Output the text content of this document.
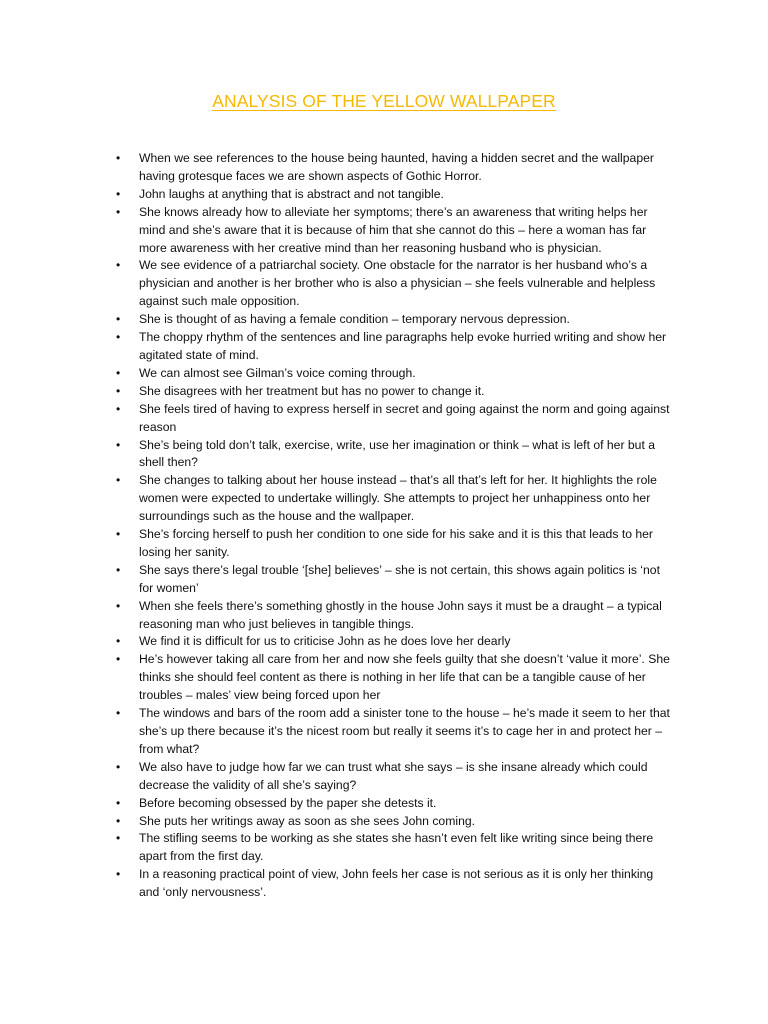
ANALYSIS OF THE YELLOW WALLPAPER
• When we see references to the house being haunted, having a hidden secret and the wallpaper having grotesque faces we are shown aspects of Gothic Horror.
• John laughs at anything that is abstract and not tangible.
• She knows already how to alleviate her symptoms; there’s an awareness that writing helps her mind and she’s aware that it is because of him that she cannot do this – here a woman has far more awareness with her creative mind than her reasoning husband who is physician.
• We see evidence of a patriarchal society. One obstacle for the narrator is her husband who’s a physician and another is her brother who is also a physician – she feels vulnerable and helpless against such male opposition.
• She is thought of as having a female condition – temporary nervous depression.
• The choppy rhythm of the sentences and line paragraphs help evoke hurried writing and show her agitated state of mind.
• We can almost see Gilman’s voice coming through.
• She disagrees with her treatment but has no power to change it.
• She feels tired of having to express herself in secret and going against the norm and going against reason
• She’s being told don’t talk, exercise, write, use her imagination or think – what is left of her but a shell then?
• She changes to talking about her house instead – that’s all that’s left for her. It highlights the role women were expected to undertake willingly. She attempts to project her unhappiness onto her surroundings such as the house and the wallpaper.
• She’s forcing herself to push her condition to one side for his sake and it is this that leads to her losing her sanity.
• She says there’s legal trouble ‘[she] believes’ – she is not certain, this shows again politics is ‘not for women’
• When she feels there’s something ghostly in the house John says it must be a draught – a typical reasoning man who just believes in tangible things.
• We find it is difficult for us to criticise John as he does love her dearly
• He’s however taking all care from her and now she feels guilty that she doesn’t ‘value it more’. She thinks she should feel content as there is nothing in her life that can be a tangible cause of her troubles – males’ view being forced upon her
• The windows and bars of the room add a sinister tone to the house – he’s made it seem to her that she’s up there because it’s the nicest room but really it seems it’s to cage her in and protect her – from what?
• We also have to judge how far we can trust what she says – is she insane already which could decrease the validity of all she’s saying?
• Before becoming obsessed by the paper she detests it.
• She puts her writings away as soon as she sees John coming.
• The stifling seems to be working as she states she hasn’t even felt like writing since being there apart from the first day.
• In a reasoning practical point of view, John feels her case is not serious as it is only her thinking and ‘only nervousness’.
